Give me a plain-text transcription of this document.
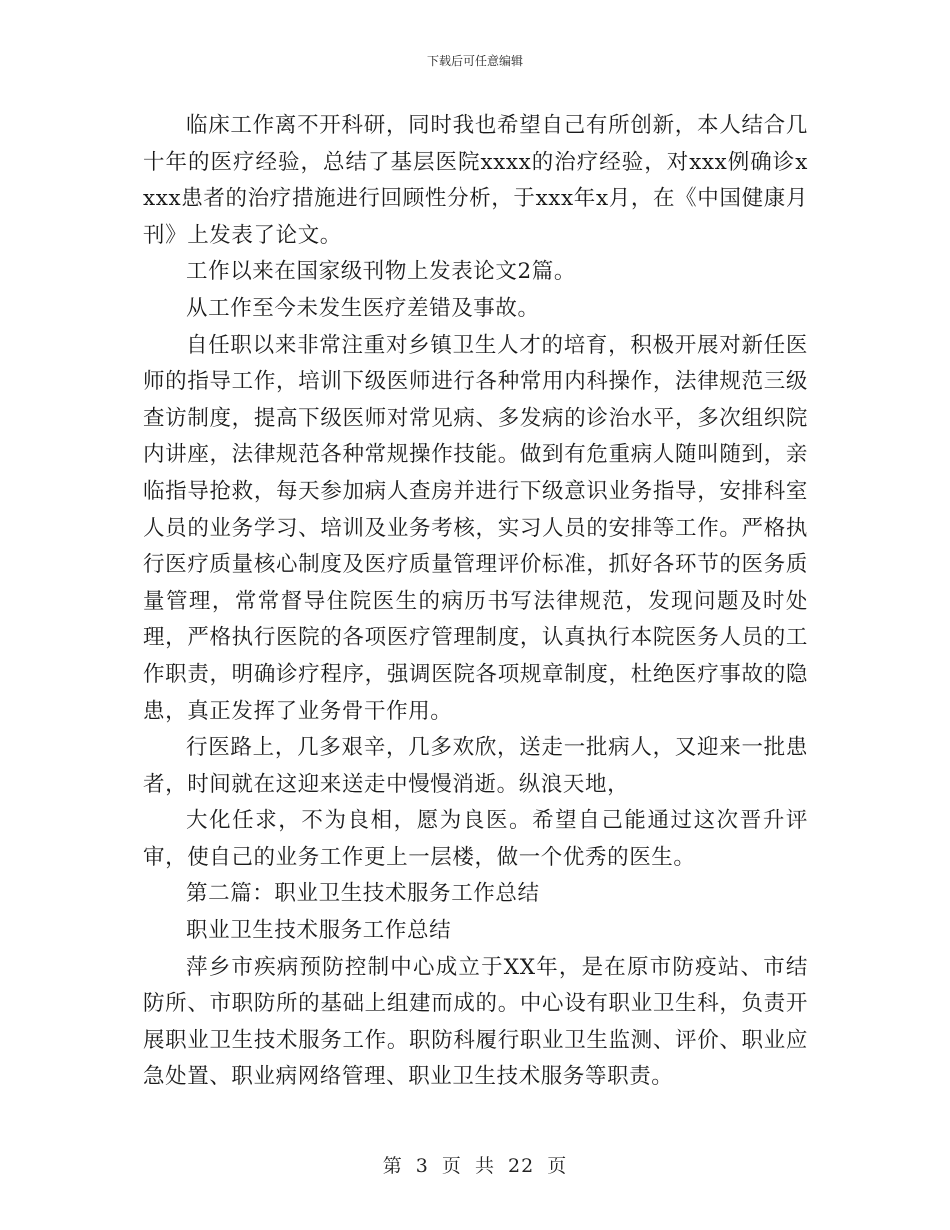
下载后可任意编辑

临床工作离不开科研，同时我也希望自己有所创新，本人结合几十年的医疗经验，总结了基层医院xxxx的治疗经验，对xxx例确诊xxxx患者的治疗措施进行回顾性分析，于xxx年x月，在《中国健康月刊》上发表了论文。

工作以来在国家级刊物上发表论文2篇。

从工作至今未发生医疗差错及事故。

自任职以来非常注重对乡镇卫生人才的培育，积极开展对新任医师的指导工作，培训下级医师进行各种常用内科操作，法律规范三级查访制度，提高下级医师对常见病、多发病的诊治水平，多次组织院内讲座，法律规范各种常规操作技能。做到有危重病人随叫随到，亲临指导抢救，每天参加病人查房并进行下级意识业务指导，安排科室人员的业务学习、培训及业务考核，实习人员的安排等工作。严格执行医疗质量核心制度及医疗质量管理评价标准，抓好各环节的医务质量管理，常常督导住院医生的病历书写法律规范，发现问题及时处理，严格执行医院的各项医疗管理制度，认真执行本院医务人员的工作职责，明确诊疗程序，强调医院各项规章制度，杜绝医疗事故的隐患，真正发挥了业务骨干作用。

行医路上，几多艰辛，几多欢欣，送走一批病人，又迎来一批患者，时间就在这迎来送走中慢慢消逝。纵浪天地，

大化任求，不为良相，愿为良医。希望自己能通过这次晋升评审，使自己的业务工作更上一层楼，做一个优秀的医生。

第二篇：职业卫生技术服务工作总结

职业卫生技术服务工作总结

萍乡市疾病预防控制中心成立于XX年，是在原市防疫站、市结防所、市职防所的基础上组建而成的。中心设有职业卫生科，负责开展职业卫生技术服务工作。职防科履行职业卫生监测、评价、职业应急处置、职业病网络管理、职业卫生技术服务等职责。

第 3 页 共 22 页
